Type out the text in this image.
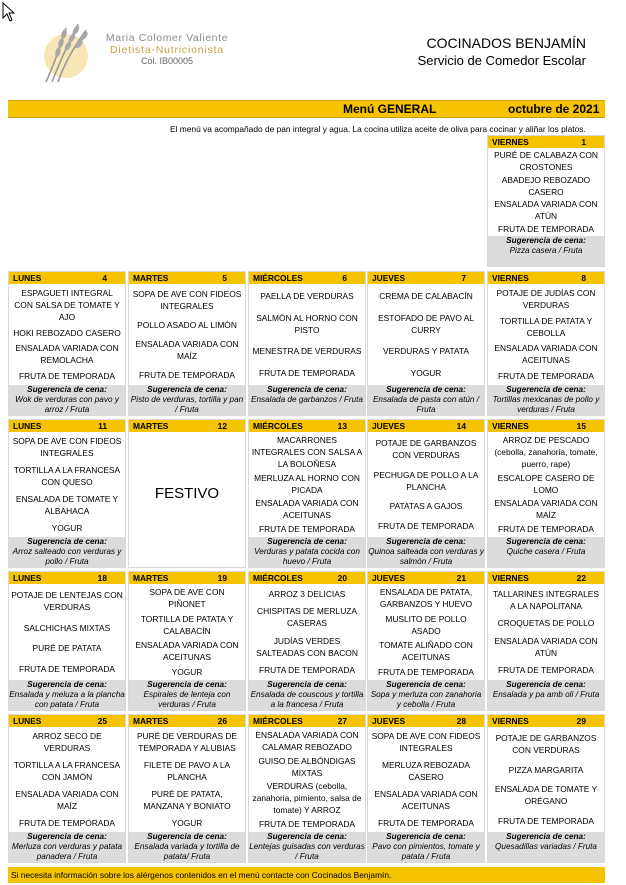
Maria Colomer Valiente
Dietista-Nutricionista
Col. IB00005
COCINADOS BENJAMÍN
Servicio de Comedor Escolar
Menú GENERAL	octubre de 2021
El menú va acompañado de pan integral y agua. La cocina utiliza aceite de oliva para cocinar y aliñar los platos.
VIERNES	1
PURÉ DE CALABAZA CON CROSTONES
ABADEJO REBOZADO CASERO
ENSALADA VARIADA CON ATÚN
FRUTA DE TEMPORADA
Sugerencia de cena:
Pizza casera / Fruta
LUNES	4
ESPAGUETI INTEGRAL CON SALSA DE TOMATE Y AJO
HOKI REBOZADO CASERO
ENSALADA VARIADA CON REMOLACHA
FRUTA DE TEMPORADA
Sugerencia de cena:
Wok de verduras con pavo y arroz / Fruta
MARTES	5
SOPA DE AVE CON FIDEOS INTEGRALES
POLLO ASADO AL LIMÓN
ENSALADA VARIADA CON MAÍZ
FRUTA DE TEMPORADA
Sugerencia de cena:
Pisto de verduras, tortilla y pan / Fruta
MIÉRCOLES	6
PAELLA DE VERDURAS
SALMÓN AL HORNO CON PISTO
MENESTRA DE VERDURAS
FRUTA DE TEMPORADA
Sugerencia de cena:
Ensalada de garbanzos / Fruta
JUEVES	7
CREMA DE CALABACÍN
ESTOFADO DE PAVO AL CURRY
VERDURAS Y PATATA
YOGUR
Sugerencia de cena:
Ensalada de pasta con atún / Fruta
VIERNES	8
POTAJE DE JUDÍAS CON VERDURAS
TORTILLA DE PATATA Y CEBOLLA
ENSALADA VARIADA CON ACEITUNAS
FRUTA DE TEMPORADA
Sugerencia de cena:
Tortillas mexicanas de pollo y verduras / Fruta
LUNES	11
SOPA DE AVE CON FIDEOS INTEGRALES
TORTILLA A LA FRANCESA CON QUESO
ENSALADA DE TOMATE Y ALBAHACA
YOGUR
Sugerencia de cena:
Arroz salteado con verduras y pollo / Fruta
MARTES	12
FESTIVO
MIÉRCOLES	13
MACARRONES INTEGRALES CON SALSA A LA BOLOÑESA
MERLUZA AL HORNO CON PICADA
ENSALADA VARIADA CON ACEITUNAS
FRUTA DE TEMPORADA
Sugerencia de cena:
Verduras y patata cocida con huevo / Fruta
JUEVES	14
POTAJE DE GARBANZOS CON VERDURAS
PECHUGA DE POLLO A LA PLANCHA
PATATAS A GAJOS
FRUTA DE TEMPORADA
Sugerencia de cena:
Quinoa salteada con verduras y salmón / Fruta
VIERNES	15
ARROZ DE PESCADO (cebolla, zanahoria, tomate, puerro, rape)
ESCALOPE CASERO DE LOMO
ENSALADA VARIADA CON MAÍZ
FRUTA DE TEMPORADA
Sugerencia de cena:
Quiche casera / Fruta
LUNES	18
POTAJE DE LENTEJAS CON VERDURAS
SALCHICHAS MIXTAS
PURÉ DE PATATA
FRUTA DE TEMPORADA
Sugerencia de cena:
Ensalada y meluza a la plancha con patata / Fruta
MARTES	19
SOPA DE AVE CON PIÑONET
TORTILLA DE PATATA Y CALABACÍN
ENSALADA VARIADA CON ACEITUNAS
YOGUR
Sugerencia de cena:
Espirales de lenteja con verduras / Fruta
MIÉRCOLES	20
ARROZ 3 DELICIAS
CHISPITAS DE MERLUZA CASERAS
JUDÍAS VERDES SALTEADAS CON BACON
FRUTA DE TEMPORADA
Sugerencia de cena:
Ensalada de couscous y tortilla a la francesa / Fruta
JUEVES	21
ENSALADA DE PATATA, GARBANZOS Y HUEVO
MUSLITO DE POLLO ASADO
TOMATE ALIÑADO CON ACEITUNAS
FRUTA DE TEMPORADA
Sugerencia de cena:
Sopa y merluza con zanahoria y cebolla / Fruta
VIERNES	22
TALLARINES INTEGRALES A LA NAPOLITANA
CROQUETAS DE POLLO
ENSALADA VARIADA CON ATÚN
FRUTA DE TEMPORADA
Sugerencia de cena:
Ensalada y pa amb oli / Fruta
LUNES	25
ARROZ SECO DE VERDURAS
TORTILLA A LA FRANCESA CON JAMÓN
ENSALADA VARIADA CON MAÍZ
FRUTA DE TEMPORADA
Sugerencia de cena:
Merluza con verduras y patata panadera / Fruta
MARTES	26
PURÉ DE VERDURAS DE TEMPORADA Y ALUBIAS
FILETE DE PAVO A LA PLANCHA
PURÉ DE PATATA, MANZANA Y BONIATO
YOGUR
Sugerencia de cena:
Ensalada variada y tortilla de patata/ Fruta
MIÉRCOLES	27
ENSALADA VARIADA CON CALAMAR REBOZADO
GUISO DE ALBÓNDIGAS MIXTAS
VERDURAS (cebolla, zanahoria, pimiento, salsa de tomate) Y ARROZ
FRUTA DE TEMPORADA
Sugerencia de cena:
Lentejas guisadas con verduras / Fruta
JUEVES	28
SOPA DE AVE CON FIDEOS INTEGRALES
MERLUZA REBOZADA CASERO
ENSALADA VARIADA CON ACEITUNAS
FRUTA DE TEMPORADA
Sugerencia de cena:
Pavo con pimientos, tomate y patata / Fruta
VIERNES	29
POTAJE DE GARBANZOS CON VERDURAS
PIZZA MARGARITA
ENSALADA DE TOMATE Y ORÉGANO
FRUTA DE TEMPORADA
Sugerencia de cena:
Quesadillas variadas / Fruta
Si necesita información sobre los alérgenos contenidos en el menú contacte con Cocinados Benjamín.
